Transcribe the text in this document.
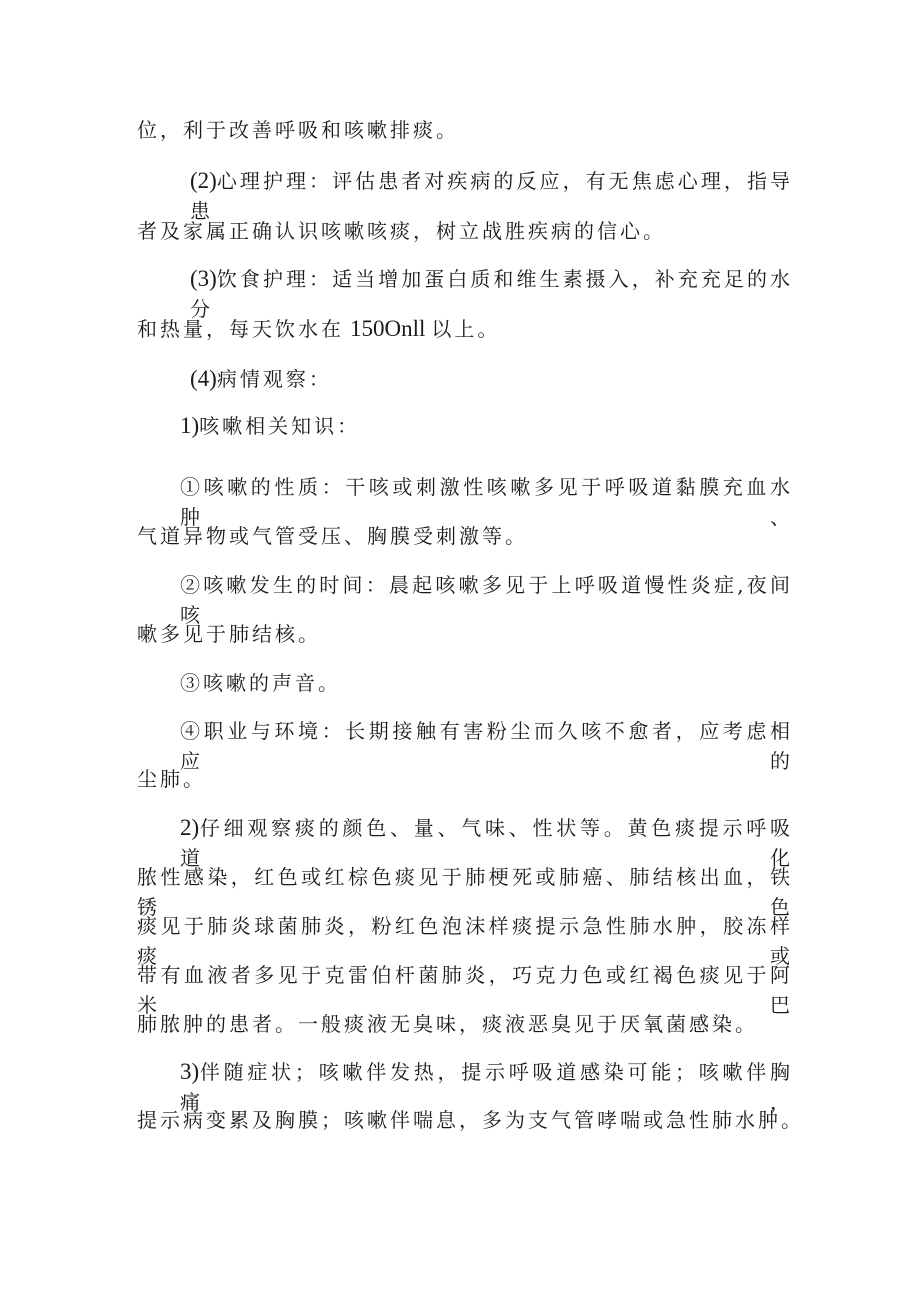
位，利于改善呼吸和咳嗽排痰。

(2)心理护理：评估患者对疾病的反应，有无焦虑心理，指导患

者及家属正确认识咳嗽咳痰，树立战胜疾病的信心。

(3)饮食护理：适当增加蛋白质和维生素摄入，补充充足的水分

和热量，每天饮水在 150Onll 以上。

(4)病情观察：

1)咳嗽相关知识：

①咳嗽的性质：干咳或刺激性咳嗽多见于呼吸道黏膜充血水肿、

气道异物或气管受压、胸膜受刺激等。

②咳嗽发生的时间：晨起咳嗽多见于上呼吸道慢性炎症,夜间咳

嗽多见于肺结核。

③咳嗽的声音。

④职业与环境：长期接触有害粉尘而久咳不愈者，应考虑相应的

尘肺。

2)仔细观察痰的颜色、量、气味、性状等。黄色痰提示呼吸道化

脓性感染，红色或红棕色痰见于肺梗死或肺癌、肺结核出血，铁锈色

痰见于肺炎球菌肺炎，粉红色泡沫样痰提示急性肺水肿，胶冻样痰或

带有血液者多见于克雷伯杆菌肺炎，巧克力色或红褐色痰见于阿米巴

肺脓肿的患者。一般痰液无臭味，痰液恶臭见于厌氧菌感染。

3)伴随症状；咳嗽伴发热，提示呼吸道感染可能；咳嗽伴胸痛，

提示病变累及胸膜；咳嗽伴喘息，多为支气管哮喘或急性肺水肿。
